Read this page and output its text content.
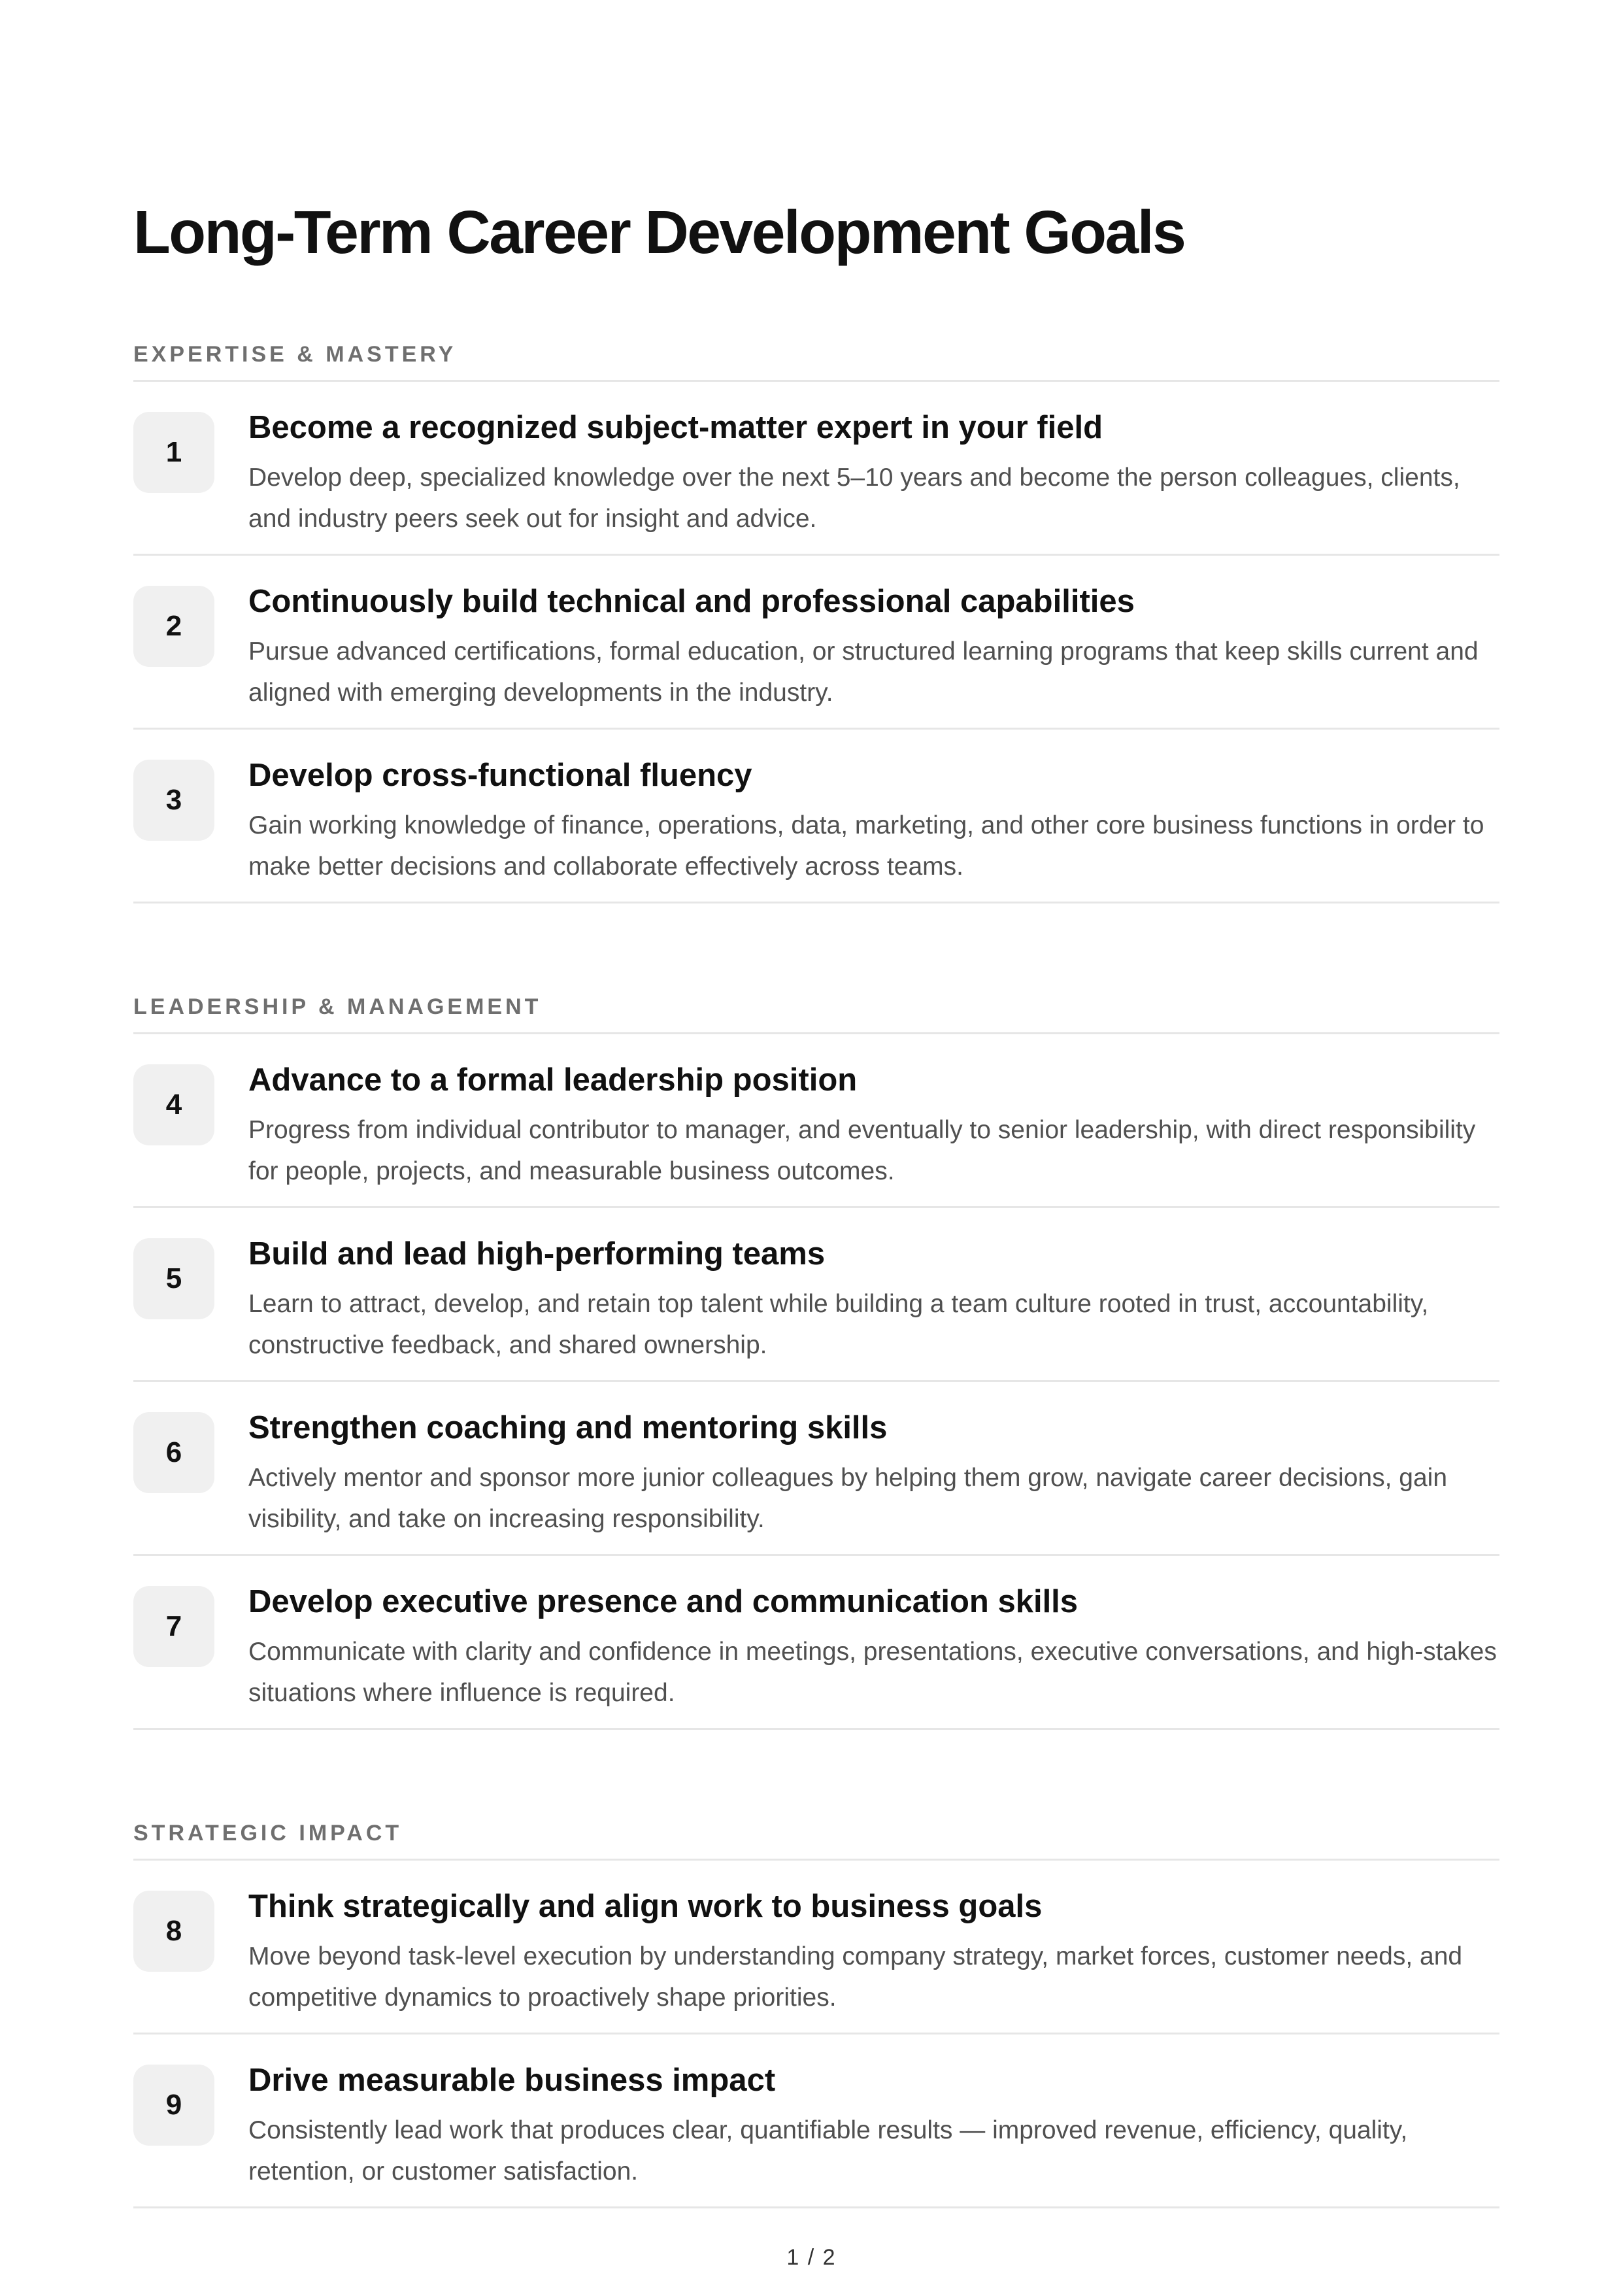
Long-Term Career Development Goals
EXPERTISE & MASTERY
1
Become a recognized subject-matter expert in your field
Develop deep, specialized knowledge over the next 5–10 years and become the person colleagues, clients, and industry peers seek out for insight and advice.
2
Continuously build technical and professional capabilities
Pursue advanced certifications, formal education, or structured learning programs that keep skills current and aligned with emerging developments in the industry.
3
Develop cross-functional fluency
Gain working knowledge of finance, operations, data, marketing, and other core business functions in order to make better decisions and collaborate effectively across teams.
LEADERSHIP & MANAGEMENT
4
Advance to a formal leadership position
Progress from individual contributor to manager, and eventually to senior leadership, with direct responsibility for people, projects, and measurable business outcomes.
5
Build and lead high-performing teams
Learn to attract, develop, and retain top talent while building a team culture rooted in trust, accountability, constructive feedback, and shared ownership.
6
Strengthen coaching and mentoring skills
Actively mentor and sponsor more junior colleagues by helping them grow, navigate career decisions, gain visibility, and take on increasing responsibility.
7
Develop executive presence and communication skills
Communicate with clarity and confidence in meetings, presentations, executive conversations, and high-stakes situations where influence is required.
STRATEGIC IMPACT
8
Think strategically and align work to business goals
Move beyond task-level execution by understanding company strategy, market forces, customer needs, and competitive dynamics to proactively shape priorities.
9
Drive measurable business impact
Consistently lead work that produces clear, quantifiable results — improved revenue, efficiency, quality, retention, or customer satisfaction.
1 / 2
